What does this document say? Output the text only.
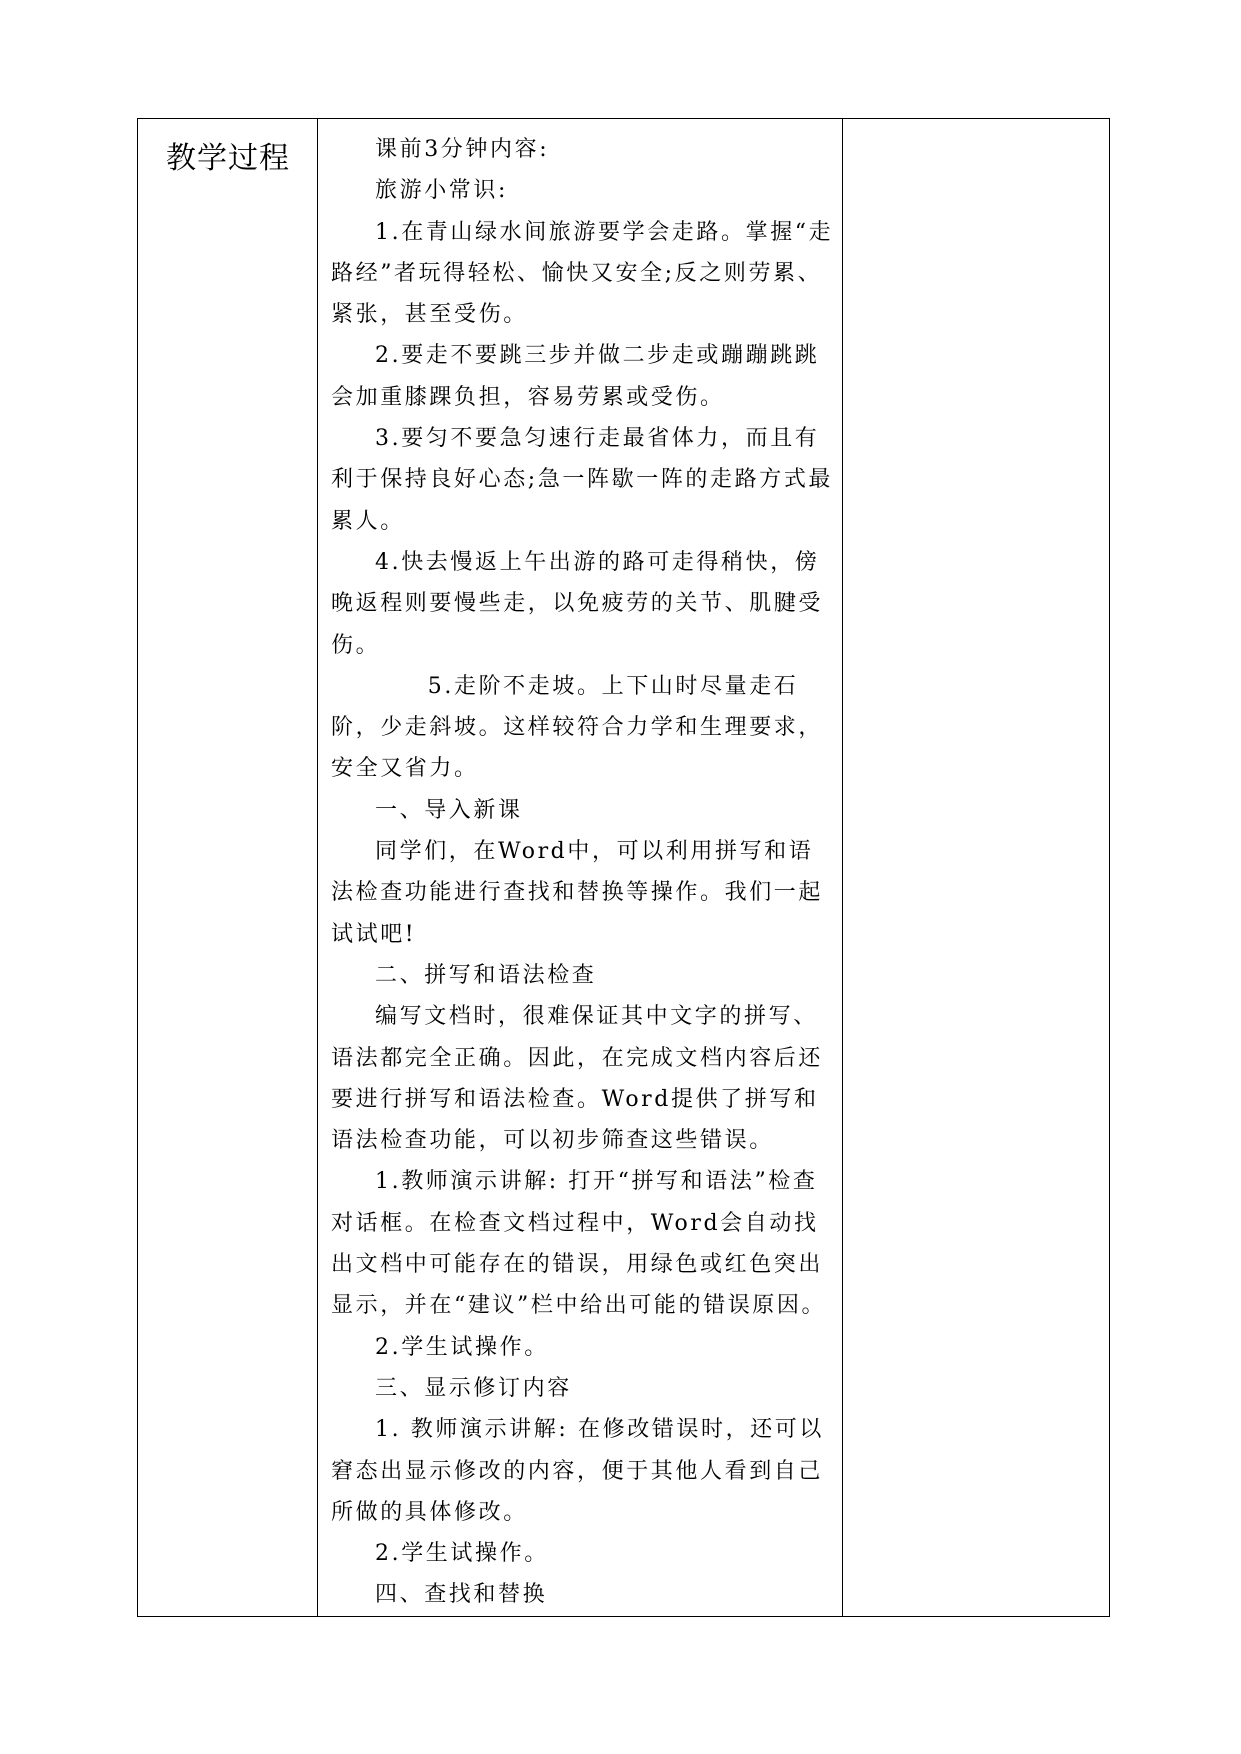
教学过程	课前3分钟内容:

旅游小常识:

1.在青山绿水间旅游要学会走路。掌握“走路经”者玩得轻松、愉快又安全;反之则劳累、紧张，甚至受伤。

2.要走不要跳三步并做二步走或蹦蹦跳跳会加重膝踝负担，容易劳累或受伤。

3.要匀不要急匀速行走最省体力，而且有利于保持良好心态;急一阵歇一阵的走路方式最累人。

4.快去慢返上午出游的路可走得稍快，傍晚返程则要慢些走，以免疲劳的关节、肌腱受伤。

5.走阶不走坡。上下山时尽量走石阶，少走斜坡。这样较符合力学和生理要求，安全又省力。

一、导入新课

同学们，在Word中，可以利用拼写和语法检查功能进行查找和替换等操作。我们一起试试吧!

二、拼写和语法检查

编写文档时，很难保证其中文字的拼写、语法都完全正确。因此，在完成文档内容后还要进行拼写和语法检查。Word提供了拼写和语法检查功能，可以初步筛查这些错误。

1.教师演示讲解: 打开“拼写和语法”检查对话框。在检查文档过程中，Word会自动找出文档中可能存在的错误，用绿色或红色突出显示，并在“建议”栏中给出可能的错误原因。

2.学生试操作。

三、显示修订内容

1. 教师演示讲解: 在修改错误时，还可以窘态出显示修改的内容，便于其他人看到自己所做的具体修改。

2.学生试操作。

四、查找和替换
